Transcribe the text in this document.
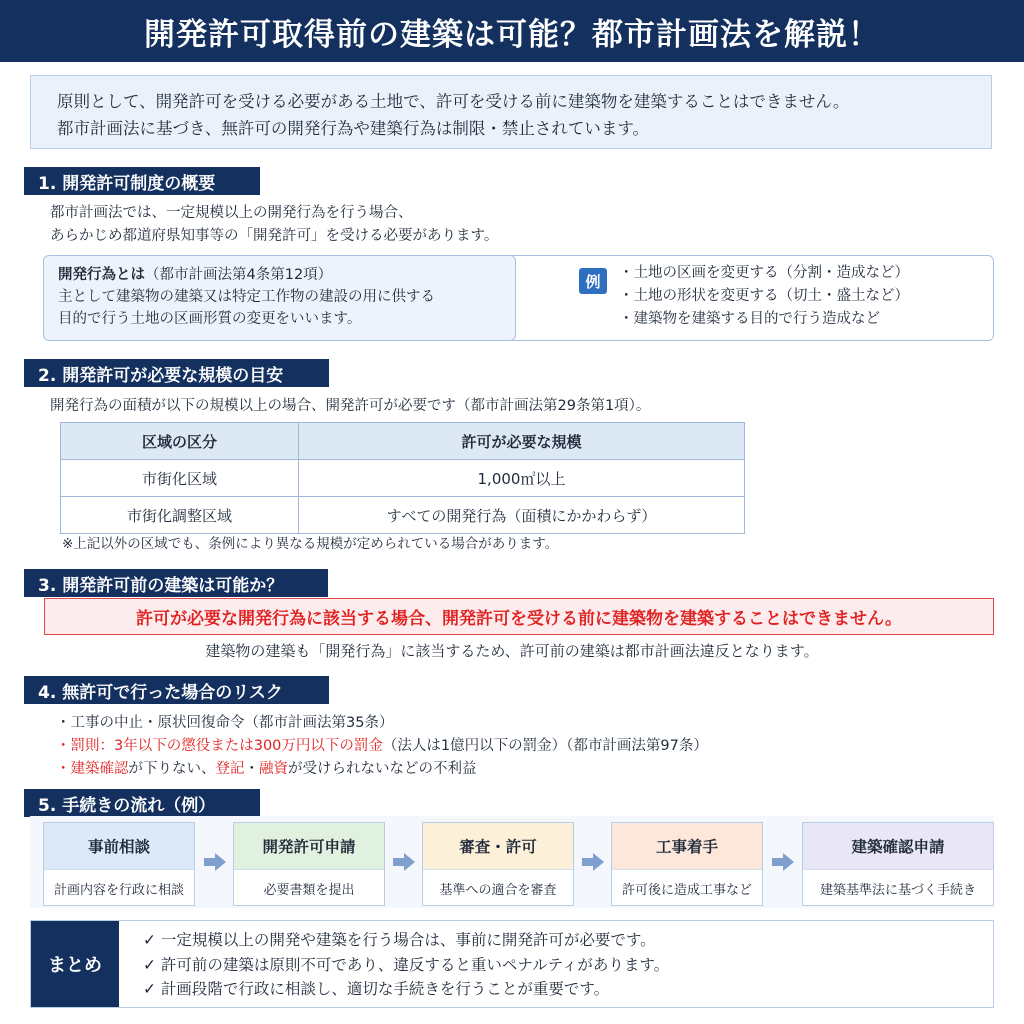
開発許可取得前の建築は可能？都市計画法を解説！

原則として、開発許可を受ける必要がある土地で、許可を受ける前に建築物を建築することはできません。

都市計画法に基づき、無許可の開発行為や建築行為は制限・禁止されています。

1. 開発許可制度の概要
都市計画法では、一定規模以上の開発行為を行う場合、
あらかじめ都道府県知事等の「開発許可」を受ける必要があります。
例	・土地の区画を変更する（分割・造成など）
・土地の形状を変更する（切土・盛土など）
・建築物を建築する目的で行う造成など
開発行為とは（都市計画法第4条第12項）
主として建築物の建築又は特定工作物の建設の用に供する
目的で行う土地の区画形質の変更をいいます。
2. 開発許可が必要な規模の目安
開発行為の面積が以下の規模以上の場合、開発許可が必要です（都市計画法第29条第1項）。
区域の区分	許可が必要な規模
市街化区域	1,000㎡以上
市街化調整区域	すべての開発行為（面積にかかわらず）
※上記以外の区域でも、条例により異なる規模が定められている場合があります。
3. 開発許可前の建築は可能か？
許可が必要な開発行為に該当する場合、開発許可を受ける前に建築物を建築することはできません。
建築物の建築も「開発行為」に該当するため、許可前の建築は都市計画法違反となります。
4. 無許可で行った場合のリスク
・工事の中止・原状回復命令（都市計画法第35条）
・罰則：3年以下の懲役または300万円以下の罰金（法人は1億円以下の罰金）（都市計画法第97条）
・建築確認が下りない、登記・融資が受けられないなどの不利益
5. 手続きの流れ（例）
事前相談
計画内容を行政に相談
開発許可申請
必要書類を提出
審査・許可
基準への適合を審査
工事着手
許可後に造成工事など
建築確認申請
建築基準法に基づく手続き
まとめ
✓ 一定規模以上の開発や建築を行う場合は、事前に開発許可が必要です。
✓ 許可前の建築は原則不可であり、違反すると重いペナルティがあります。
✓ 計画段階で行政に相談し、適切な手続きを行うことが重要です。
